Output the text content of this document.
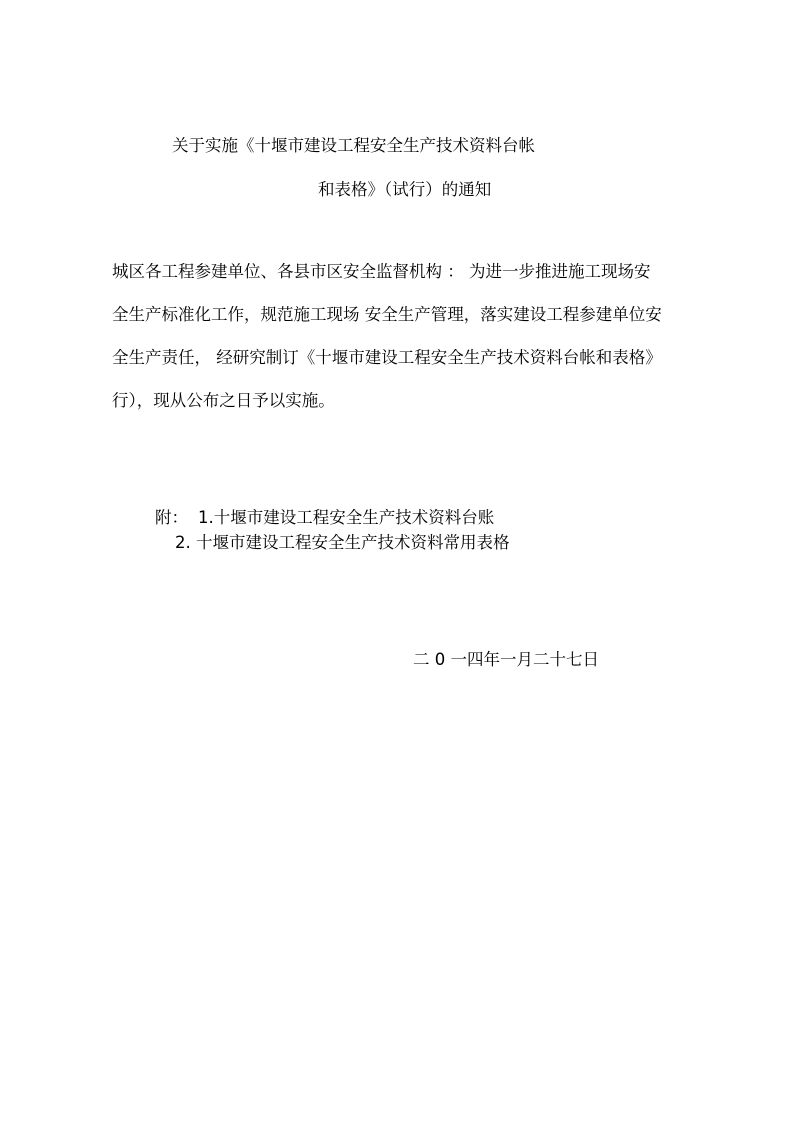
关于实施《十堰市建设工程安全生产技术资料台帐
和表格》（试行）的通知
城区各工程参建单位、各县市区安全监督机构 ： 为进一步推进施工现场安
全生产标准化工作，规范施工现场 安全生产管理，落实建设工程参建单位安
全生产责任， 经研究制订《十堰市建设工程安全生产技术资料台帐和表格》
行），现从公布之日予以实施。
附： 1.十堰市建设工程安全生产技术资料台账
2. 十堰市建设工程安全生产技术资料常用表格
二 0 一四年一月二十七日
